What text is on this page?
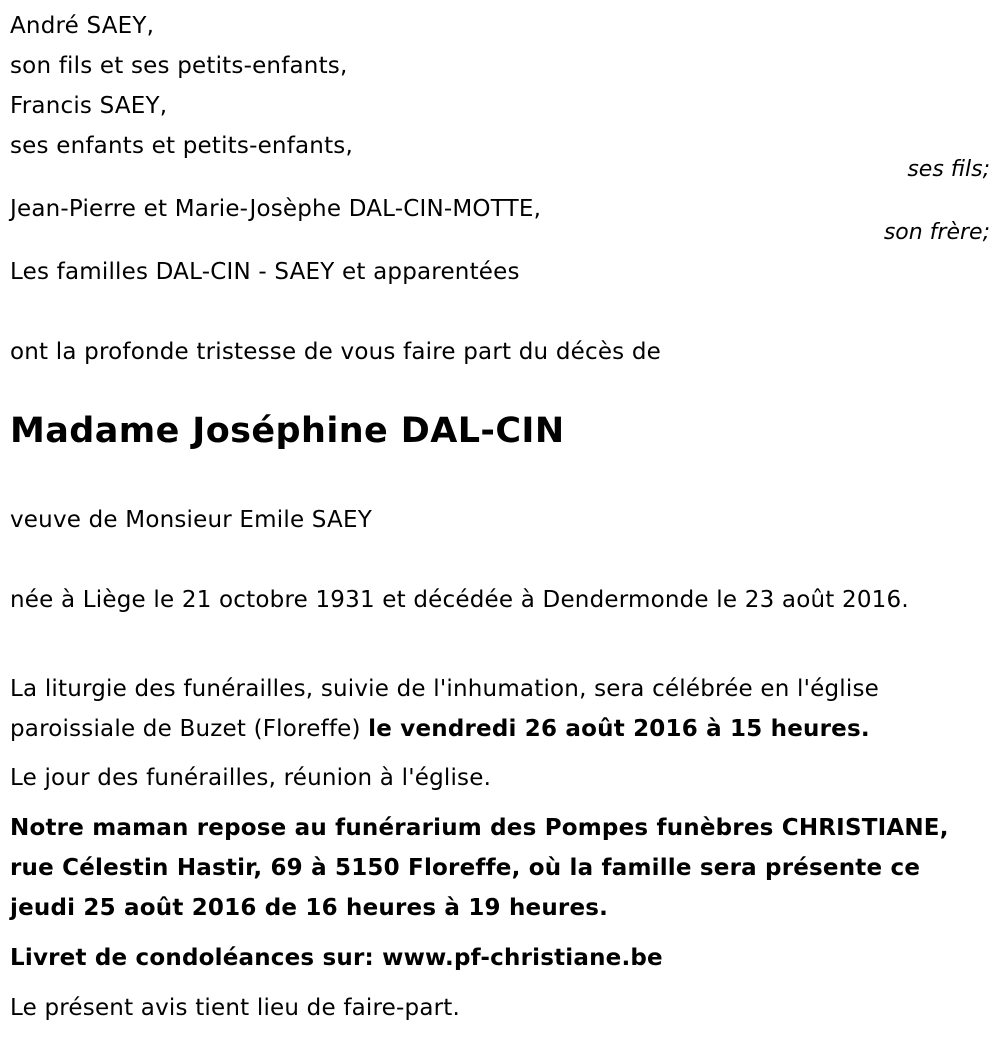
André SAEY,
son fils et ses petits-enfants,
Francis SAEY,
ses enfants et petits-enfants,
ses fils;
Jean-Pierre et Marie-Josèphe DAL-CIN-MOTTE,
son frère;
Les familles DAL-CIN - SAEY et apparentées
ont la profonde tristesse de vous faire part du décès de
Madame Joséphine DAL-CIN
veuve de Monsieur Emile SAEY
née à Liège le 21 octobre 1931 et décédée à Dendermonde le 23 août 2016.
La liturgie des funérailles, suivie de l'inhumation, sera célébrée en l'église paroissiale de Buzet (Floreffe) le vendredi 26 août 2016 à 15 heures.
Le jour des funérailles, réunion à l'église.
Notre maman repose au funérarium des Pompes funèbres CHRISTIANE, rue Célestin Hastir, 69 à 5150 Floreffe, où la famille sera présente ce jeudi 25 août 2016 de 16 heures à 19 heures.
Livret de condoléances sur: www.pf-christiane.be
Le présent avis tient lieu de faire-part.
